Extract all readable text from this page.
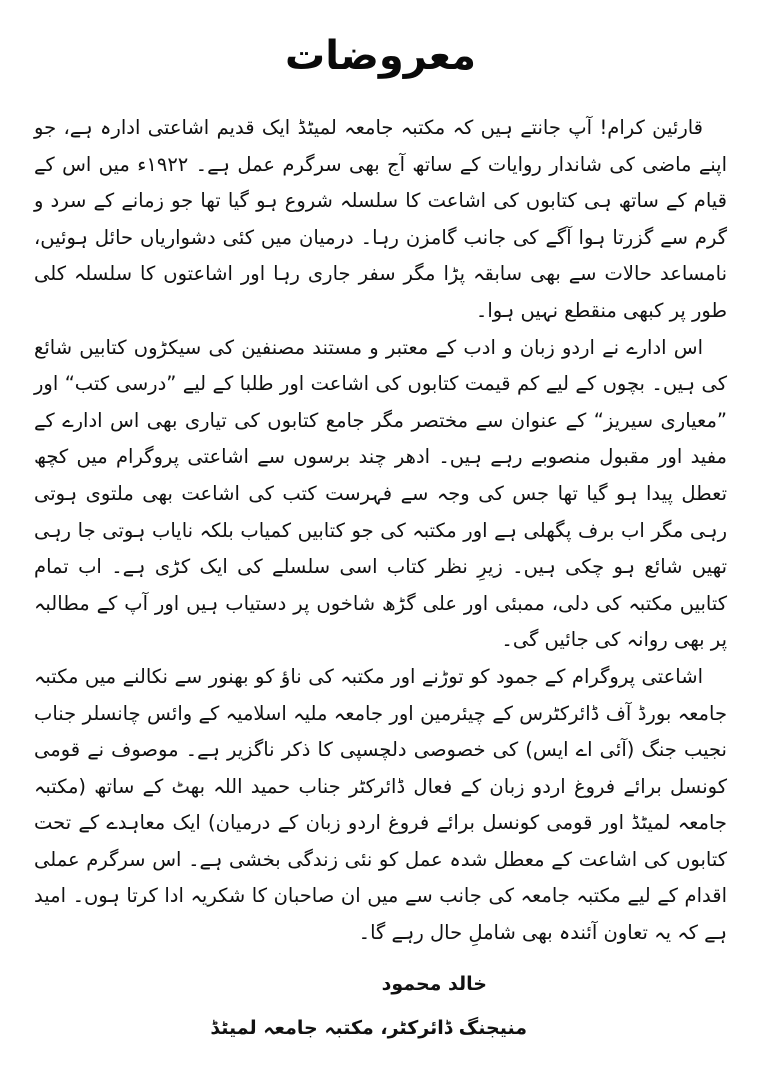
معروضات

قارئین کرام! آپ جانتے ہیں کہ مکتبہ جامعہ لمیٹڈ ایک قدیم اشاعتی ادارہ ہے، جو اپنے ماضی کی شاندار روایات کے ساتھ آج بھی سرگرم عمل ہے۔ ۱۹۲۲ء میں اس کے قیام کے ساتھ ہی کتابوں کی اشاعت کا سلسلہ شروع ہو گیا تھا جو زمانے کے سرد و گرم سے گزرتا ہوا آگے کی جانب گامزن رہا۔ درمیان میں کئی دشواریاں حائل ہوئیں، نامساعد حالات سے بھی سابقہ پڑا مگر سفر جاری رہا اور اشاعتوں کا سلسلہ کلی طور پر کبھی منقطع نہیں ہوا۔

اس ادارے نے اردو زبان و ادب کے معتبر و مستند مصنفین کی سیکڑوں کتابیں شائع کی ہیں۔ بچوں کے لیے کم قیمت کتابوں کی اشاعت اور طلبا کے لیے ”درسی کتب“ اور ”معیاری سیریز“ کے عنوان سے مختصر مگر جامع کتابوں کی تیاری بھی اس ادارے کے مفید اور مقبول منصوبے رہے ہیں۔ ادھر چند برسوں سے اشاعتی پروگرام میں کچھ تعطل پیدا ہو گیا تھا جس کی وجہ سے فہرست کتب کی اشاعت بھی ملتوی ہوتی رہی مگر اب برف پگھلی ہے اور مکتبہ کی جو کتابیں کمیاب بلکہ نایاب ہوتی جا رہی تھیں شائع ہو چکی ہیں۔ زیرِ نظر کتاب اسی سلسلے کی ایک کڑی ہے۔ اب تمام کتابیں مکتبہ کی دلی، ممبئی اور علی گڑھ شاخوں پر دستیاب ہیں اور آپ کے مطالبہ پر بھی روانہ کی جائیں گی۔

اشاعتی پروگرام کے جمود کو توڑنے اور مکتبہ کی ناؤ کو بھنور سے نکالنے میں مکتبہ جامعہ بورڈ آف ڈائرکٹرس کے چیئرمین اور جامعہ ملیہ اسلامیہ کے وائس چانسلر جناب نجیب جنگ (آئی اے ایس) کی خصوصی دلچسپی کا ذکر ناگزیر ہے۔ موصوف نے قومی کونسل برائے فروغ اردو زبان کے فعال ڈائرکٹر جناب حمید اللہ بھٹ کے ساتھ (مکتبہ جامعہ لمیٹڈ اور قومی کونسل برائے فروغ اردو زبان کے درمیان) ایک معاہدے کے تحت کتابوں کی اشاعت کے معطل شدہ عمل کو نئی زندگی بخشی ہے۔ اس سرگرم عملی اقدام کے لیے مکتبہ جامعہ کی جانب سے میں ان صاحبان کا شکریہ ادا کرتا ہوں۔ امید ہے کہ یہ تعاون آئندہ بھی شاملِ حال رہے گا۔

خالد محمود
منیجنگ ڈائرکٹر، مکتبہ جامعہ لمیٹڈ
